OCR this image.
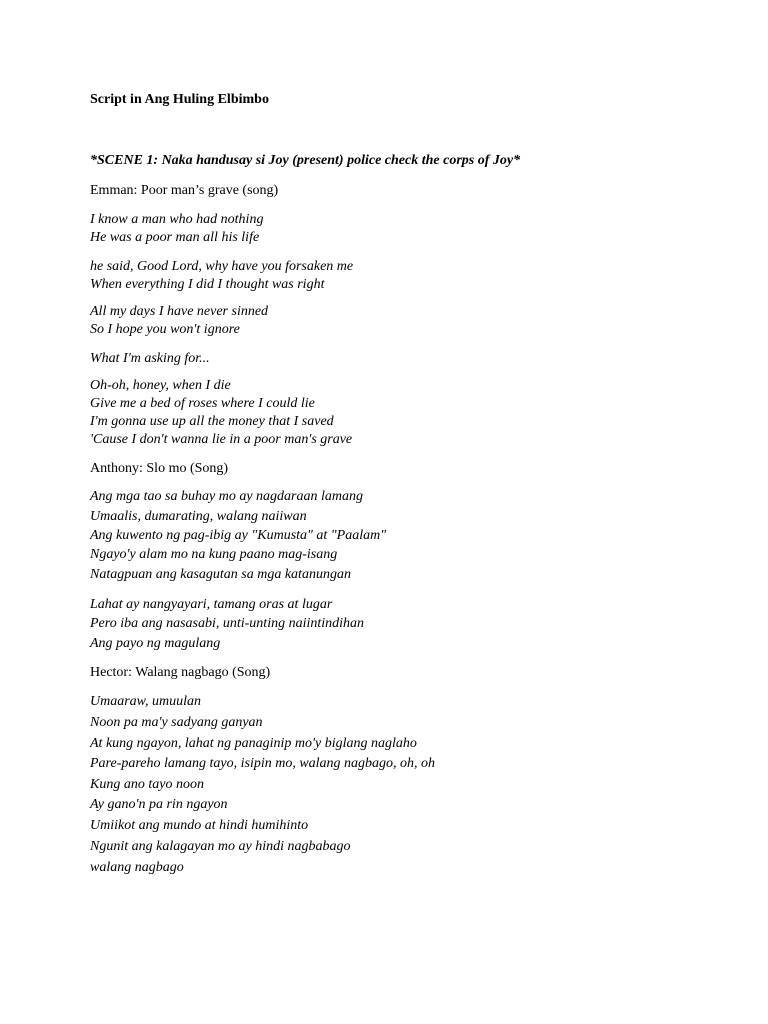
Script in Ang Huling Elbimbo
*SCENE 1: Naka handusay si Joy (present) police check the corps of Joy*
Emman: Poor man’s grave (song)
I know a man who had nothing
He was a poor man all his life
he said, Good Lord, why have you forsaken me
When everything I did I thought was right
All my days I have never sinned
So I hope you won't ignore
What I'm asking for...
Oh-oh, honey, when I die
Give me a bed of roses where I could lie
I'm gonna use up all the money that I saved
'Cause I don't wanna lie in a poor man's grave
Anthony: Slo mo (Song)
Ang mga tao sa buhay mo ay nagdaraan lamang
Umaalis, dumarating, walang naiiwan
Ang kuwento ng pag-ibig ay "Kumusta" at "Paalam"
Ngayo'y alam mo na kung paano mag-isang
Natagpuan ang kasagutan sa mga katanungan
Lahat ay nangyayari, tamang oras at lugar
Pero iba ang nasasabi, unti-unting naiintindihan
Ang payo ng magulang
Hector: Walang nagbago (Song)
Umaaraw, umuulan
Noon pa ma'y sadyang ganyan
At kung ngayon, lahat ng panaginip mo'y biglang naglaho
Pare-pareho lamang tayo, isipin mo, walang nagbago, oh, oh
Kung ano tayo noon
Ay gano'n pa rin ngayon
Umiikot ang mundo at hindi humihinto
Ngunit ang kalagayan mo ay hindi nagbabago
walang nagbago
